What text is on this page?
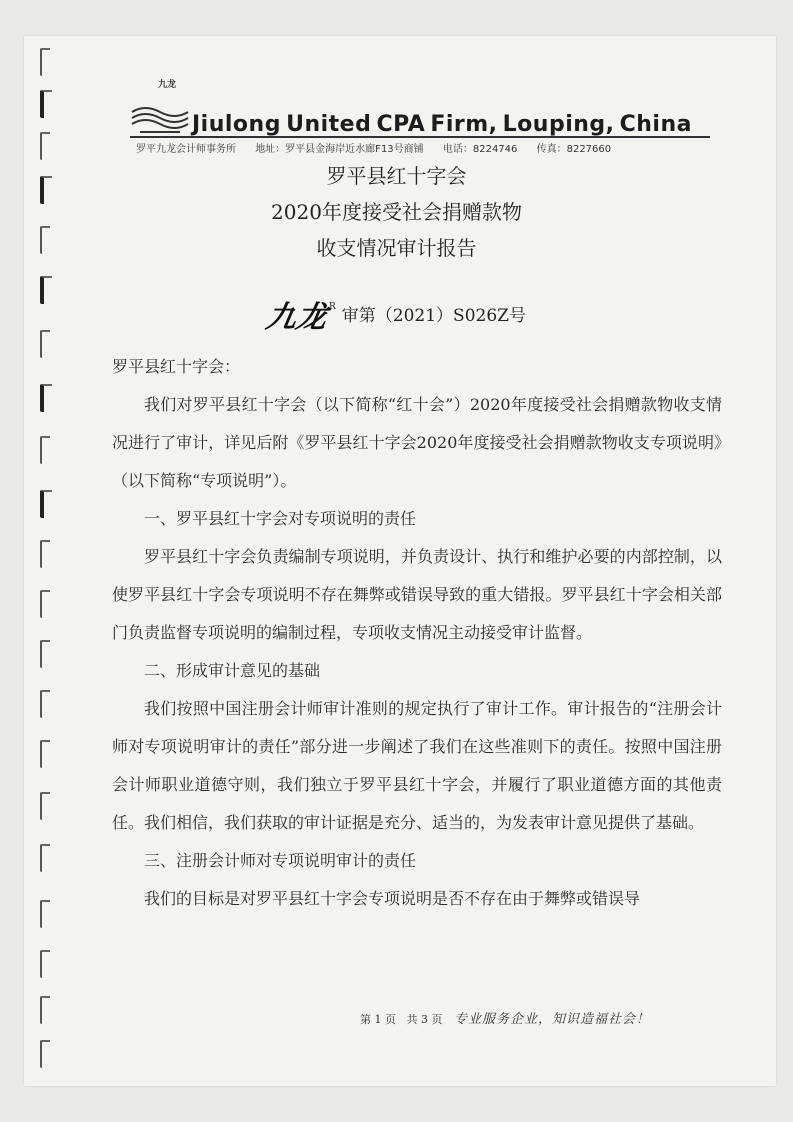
九龙
Jiulong United CPA Firm, Louping, China
罗平九龙会计师事务所 地址：罗平县金海岸近水廊F13号商铺 电话：8224746 传真：8227660
罗平县红十字会
2020年度接受社会捐赠款物
收支情况审计报告
九龙$^R$ 审第（2021）S026Z号

罗平县红十字会：

我们对罗平县红十字会（以下简称“红十会”）2020年度接受社会捐赠款物收支情况进行了审计，详见后附《罗平县红十字会2020年度接受社会捐赠款物收支专项说明》（以下简称“专项说明”）。

一、罗平县红十字会对专项说明的责任

罗平县红十字会负责编制专项说明，并负责设计、执行和维护必要的内部控制，以使罗平县红十字会专项说明不存在舞弊或错误导致的重大错报。罗平县红十字会相关部门负责监督专项说明的编制过程，专项收支情况主动接受审计监督。

二、形成审计意见的基础

我们按照中国注册会计师审计准则的规定执行了审计工作。审计报告的“注册会计师对专项说明审计的责任”部分进一步阐述了我们在这些准则下的责任。按照中国注册会计师职业道德守则，我们独立于罗平县红十字会，并履行了职业道德方面的其他责任。我们相信，我们获取的审计证据是充分、适当的，为发表审计意见提供了基础。

三、注册会计师对专项说明审计的责任

我们的目标是对罗平县红十字会专项说明是否不存在由于舞弊或错误导

第 1 页 共 3 页 专业服务企业，知识造福社会！
